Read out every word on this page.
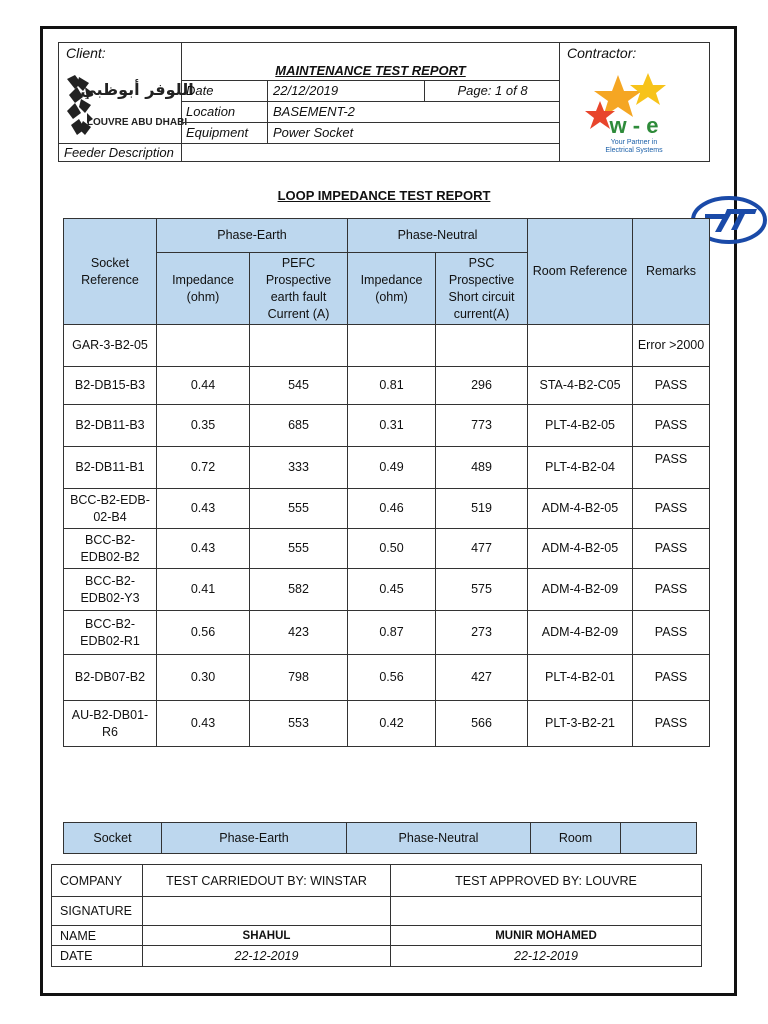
Client:
اللوفر أبوظبي
LOUVRE ABU DHABI
Feeder Description
MAINTENANCE TEST REPORT
Date	22/12/2019	Page: 1 of 8
Location	BASEMENT-2
Equipment	Power Socket
Contractor:
w - e
Your Partner in
Electrical Systems
LOOP IMPEDANCE TEST REPORT
Socket Reference	Phase-Earth		Phase-Neutral		Room Reference	Remarks
	Impedance (ohm)	PEFC Prospective earth fault Current (A)	Impedance (ohm)	PSC Prospective Short circuit current(A)		
GAR-3-B2-05						Error >2000
B2-DB15-B3	0.44	545	0.81	296	STA-4-B2-C05	PASS
B2-DB11-B3	0.35	685	0.31	773	PLT-4-B2-05	PASS
B2-DB11-B1	0.72	333	0.49	489	PLT-4-B2-04	PASS
BCC-B2-EDB-02-B4	0.43	555	0.46	519	ADM-4-B2-05	PASS
BCC-B2-EDB02-B2	0.43	555	0.50	477	ADM-4-B2-05	PASS
BCC-B2-EDB02-Y3	0.41	582	0.45	575	ADM-4-B2-09	PASS
BCC-B2-EDB02-R1	0.56	423	0.87	273	ADM-4-B2-09	PASS
B2-DB07-B2	0.30	798	0.56	427	PLT-4-B2-01	PASS
AU-B2-DB01-R6	0.43	553	0.42	566	PLT-3-B2-21	PASS
Socket	Phase-Earth	Phase-Neutral	Room	
COMPANY	TEST CARRIEDOUT BY: WINSTAR	TEST APPROVED BY: LOUVRE
SIGNATURE		
NAME	SHAHUL	MUNIR MOHAMED
DATE	22-12-2019	22-12-2019
